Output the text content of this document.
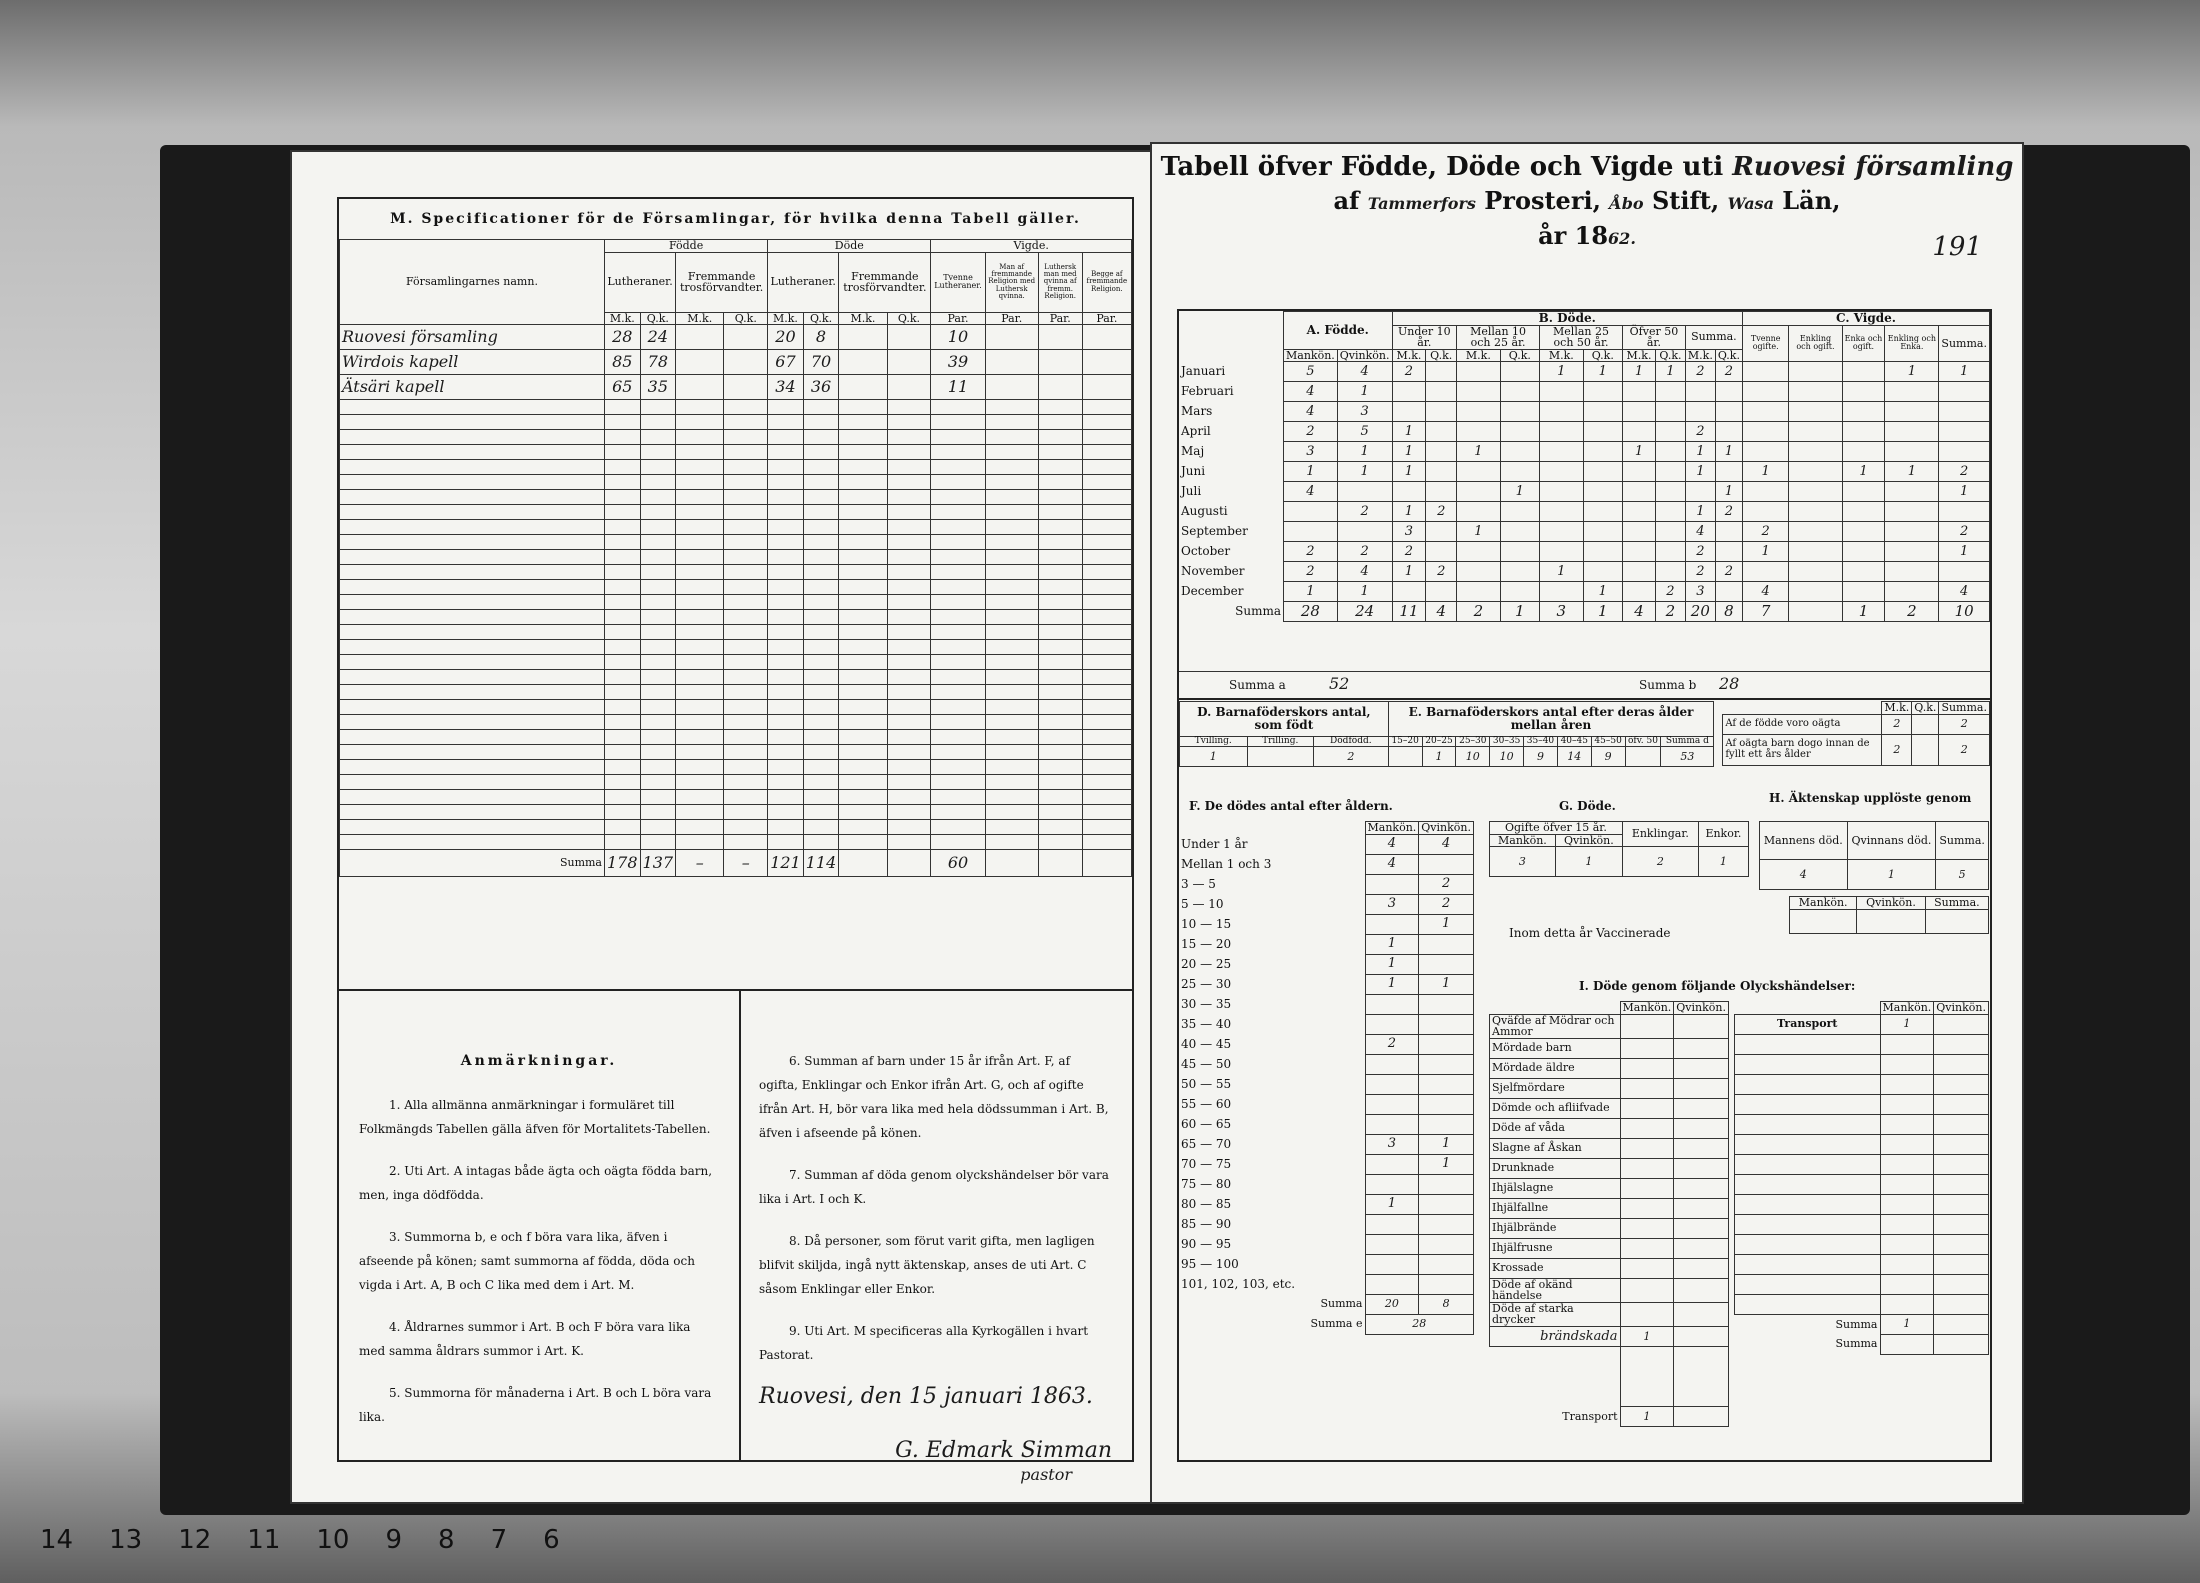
M. Specificationer för de Församlingar, för hvilka denna Tabell gäller.
Församlingarnes namn.	Födde				Döde				Vigde.			
	Lutheraner.		Fremmande trosförvandter.		Lutheraner.		Fremmande trosförvandter.		Tvenne Lutheraner.	Man af fremmande Religion med Luthersk qvinna.	Luthersk man med qvinna af fremm. Religion.	Begge af fremmande Religion.
	M.k.	Q.k.	M.k.	Q.k.	M.k.	Q.k.	M.k.	Q.k.	Par.	Par.	Par.	Par.
Ruovesi församling	28	24			20	8			10			
Wirdois kapell	85	78			67	70			39			
Ätsäri kapell	65	35			34	36			11			

Summa	178	137	–	–	121	114			60			
Anmärkningar.

1. Alla allmänna anmärkningar i formuläret till Folkmängds Tabellen gälla äfven för Mortalitets-Tabellen.

2. Uti Art. A intagas både ägta och oägta födda barn, men, inga dödfödda.

3. Summorna b, e och f böra vara lika, äfven i afseende på könen; samt summorna af födda, döda och vigda i Art. A, B och C lika med dem i Art. M.

4. Åldrarnes summor i Art. B och F böra vara lika med samma åldrars summor i Art. K.

5. Summorna för månaderna i Art. B och L böra vara lika.

6. Summan af barn under 15 år ifrån Art. F, af ogifta, Enklingar och Enkor ifrån Art. G, och af ogifte ifrån Art. H, bör vara lika med hela dödssumman i Art. B, äfven i afseende på könen.

7. Summan af döda genom olyckshändelser bör vara lika i Art. I och K.

8. Då personer, som förut varit gifta, men lagligen blifvit skiljda, ingå nytt äktenskap, anses de uti Art. C såsom Enklingar eller Enkor.

9. Uti Art. M specificeras alla Kyrkogällen i hvart Pastorat.

Ruovesi, den 15 januari 1863.
G. Edmark Simman
pastor
Tabell öfver Födde, Döde och Vigde uti Ruovesi församling
af Tammerfors Prosteri, Åbo Stift, Wasa Län,
år 1862.	191
	A. Födde.		B. Döde.										C. Vigde.				
			Under 10 år.		Mellan 10 och 25 år.		Mellan 25 och 50 år.		Öfver 50 år.		Summa.		Tvenne ogifte.	Enkling och ogift.	Enka och ogift.	Enkling och Enka.	Summa.
	Mankön.	Qvinkön.	M.k.	Q.k.	M.k.	Q.k.	M.k.	Q.k.	M.k.	Q.k.	M.k.	Q.k.					
Januari	5	4	2				1	1	1	1	2	2				1	1
Februari	4	1															
Mars	4	3															
April	2	5	1								2						
Maj	3	1	1		1				1		1	1					
Juni	1	1	1								1		1		1	1	2
Juli	4					1						1					1
Augusti		2	1	2							1	2					
September			3		1						4		2				2
October	2	2	2								2		1				1
November	2	4	1	2			1				2	2					
December	1	1						1		2	3		4				4
Summa	28	24	11	4	2	1	3	1	4	2	20	8	7		1	2	10
Summa a	52	Summa b 28
D. Barnaföderskors antal, som födt			E. Barnaföderskors antal efter deras ålder mellan åren								
Tvilling.	Trilling.	Dödfödd.	15–20	20–25	25–30	30–35	35–40	40–45	45–50	öfv. 50	Summa d
1		2		1	10	10	9	14	9		53
	M.k.	Q.k.	Summa.
Af de födde voro oägta	2		2
Af oägta barn dogo innan de fyllt ett års ålder	2		2
F. De dödes antal efter åldern.
	Mankön.	Qvinkön.
Under 1 år	4	4
Mellan 1 och 3	4	
3 — 5		2
5 — 10	3	2
10 — 15		1
15 — 20	1	
20 — 25	1	
25 — 30	1	1
30 — 35		
35 — 40		
40 — 45	2	
45 — 50		
50 — 55		
55 — 60		
60 — 65		
65 — 70	3	1
70 — 75		1
75 — 80		
80 — 85	1	
85 — 90		
90 — 95		
95 — 100		
101, 102, 103, etc.		
Summa	20	8
Summa e	28	
G. Döde.
H. Äktenskap upplöste genom
Ogifte öfver 15 år.		Enklingar.	Enkor.
Mankön.	Qvinkön.		
3	1	2	1
Mannens död.	Qvinnans död.	Summa.
4	1	5
Inom detta år Vaccinerade
Mankön.	Qvinkön.	Summa.

I. Döde genom följande Olyckshändelser:
	Mankön.	Qvinkön.
Qväfde af Mödrar och Ammor		
Mördade barn		
Mördade äldre		
Sjelfmördare		
Dömde och afliifvade		
Döde af våda		
Slagne af Åskan		
Drunknade		
Ihjälslagne		
Ihjälfallne		
Ihjälbrände		
Ihjälfrusne		
Krossade		
Döde af okänd händelse		
Döde af starka drycker		
brändskada	1	

Transport	1	
	Mankön.	Qvinkön.
Transport	1	

Summa	1	
Summa		
14 13 12 11 10 9 8 7 6
